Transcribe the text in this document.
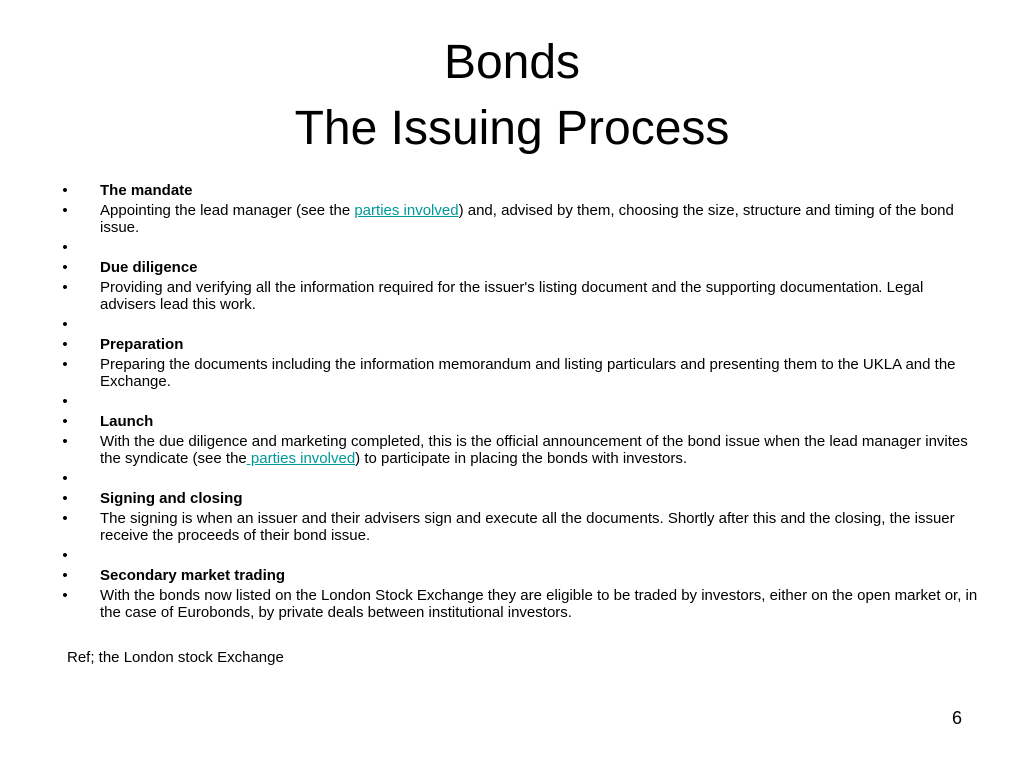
Bonds
The Issuing Process
• The mandate
• Appointing the lead manager (see the parties involved) and, advised by them, choosing the size, structure and timing of the bond issue.
•
• Due diligence
• Providing and verifying all the information required for the issuer's listing document and the supporting documentation. Legal advisers lead this work.
•
• Preparation
• Preparing the documents including the information memorandum and listing particulars and presenting them to the UKLA and the Exchange.
•
• Launch
• With the due diligence and marketing completed, this is the official announcement of the bond issue when the lead manager invites the syndicate (see the parties involved) to participate in placing the bonds with investors.
•
• Signing and closing
• The signing is when an issuer and their advisers sign and execute all the documents. Shortly after this and the closing, the issuer receive the proceeds of their bond issue.
•
• Secondary market trading
• With the bonds now listed on the London Stock Exchange they are eligible to be traded by investors, either on the open market or, in the case of Eurobonds, by private deals between institutional investors.
Ref; the London stock Exchange
6
